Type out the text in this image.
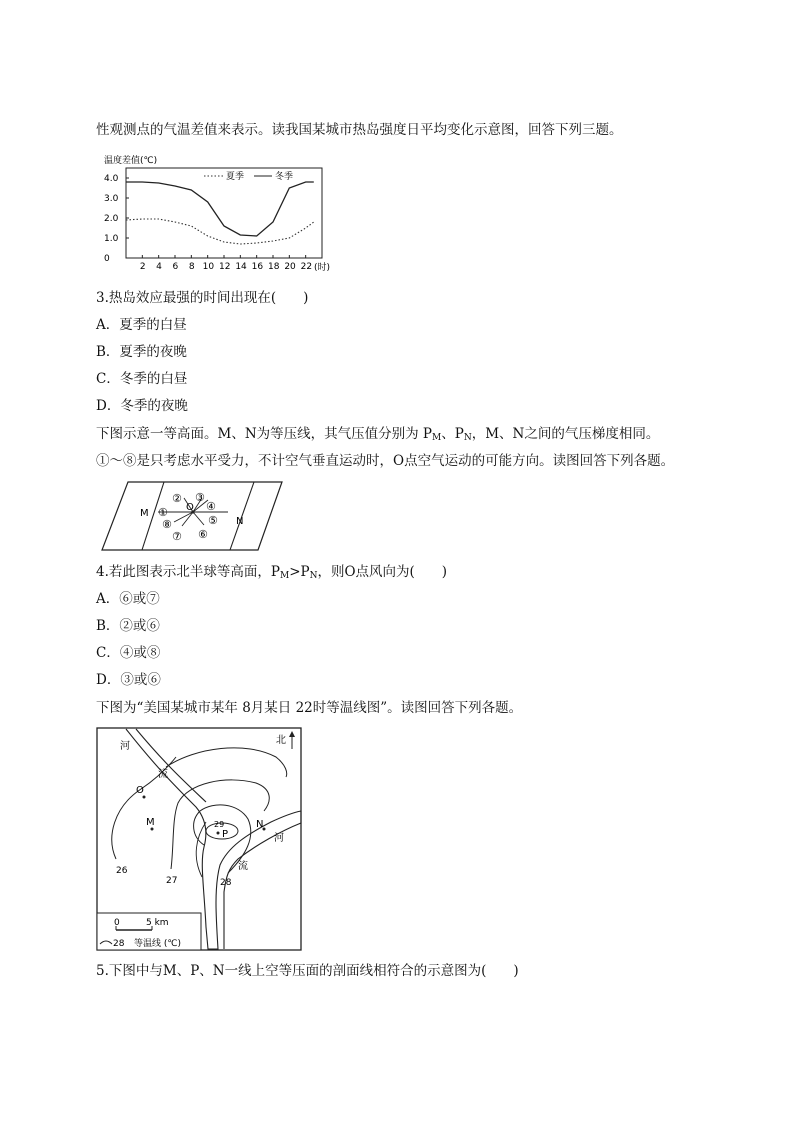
性观测点的气温差值来表示。读我国某城市热岛强度日平均变化示意图，回答下列三题。
温度差值(℃)
4.0
3.0
2.0
1.0
0
2 4 6 8 10 12 14 16 18 20 22
夏季	冬季
(时)
3.热岛效应最强的时间出现在(　　)
A．夏季的白昼
B．夏季的夜晚
C．冬季的白昼
D．冬季的夜晚
下图示意一等高面。M、N为等压线，其气压值分别为 $P_M$、$P_N$，M、N之间的气压梯度相同。
①～⑧是只考虑水平受力，不计空气垂直运动时，O点空气运动的可能方向。读图回答下列各题。
M
N
O
①
② ③
④
⑤
⑥
⑦
⑧
4.若此图表示北半球等高面，$P_M>P_N$，则O点风向为(　　)
A．⑥或⑦
B．②或⑥
C．④或⑧
D．③或⑥
下图为“美国某城市某年 8月某日 22时等温线图”。读图回答下列各题。
北
河
流
河
流
O
M	N
P
26
27	28
29
0	5 km
28 等温线 (℃)
5.下图中与M、P、N一线上空等压面的剖面线相符合的示意图为(　　)
